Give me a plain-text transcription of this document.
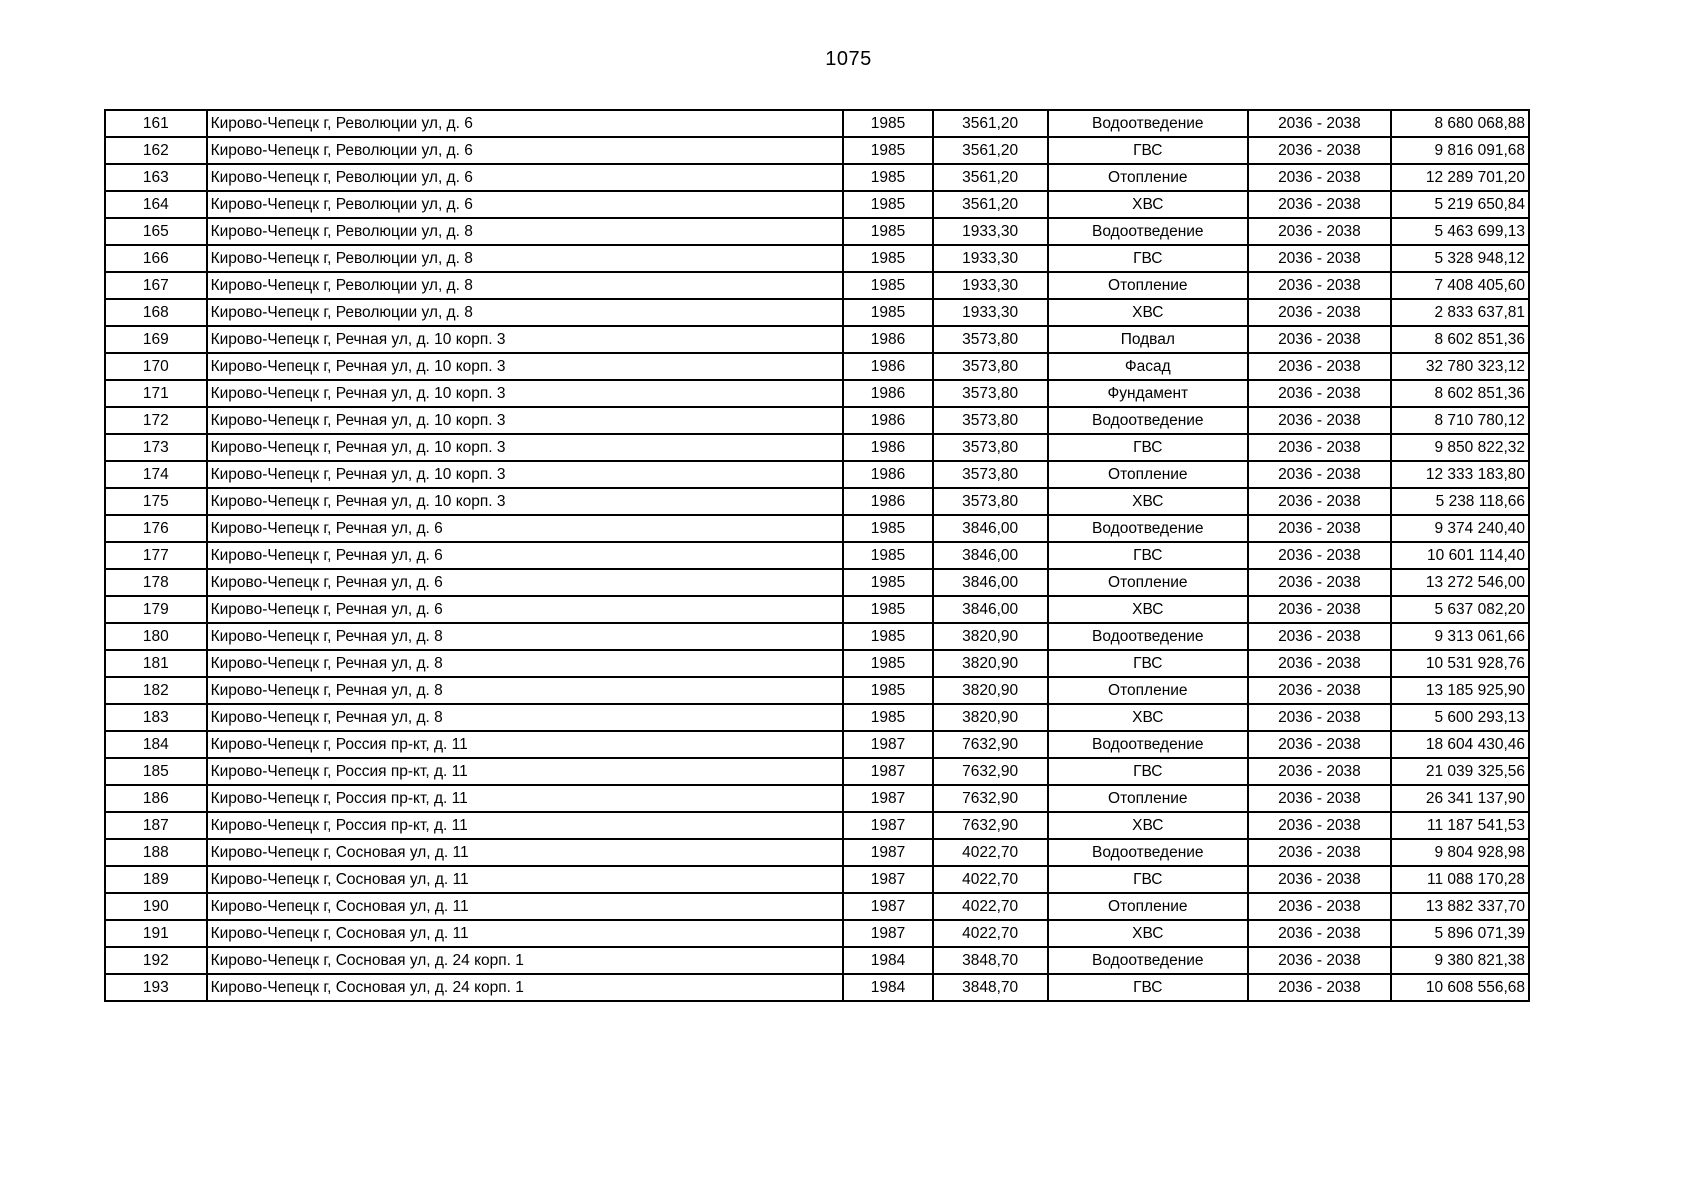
1075
161	Кирово-Чепецк г, Революции ул, д. 6	1985	3561,20	Водоотведение	2036 - 2038	8 680 068,88
162	Кирово-Чепецк г, Революции ул, д. 6	1985	3561,20	ГВС	2036 - 2038	9 816 091,68
163	Кирово-Чепецк г, Революции ул, д. 6	1985	3561,20	Отопление	2036 - 2038	12 289 701,20
164	Кирово-Чепецк г, Революции ул, д. 6	1985	3561,20	ХВС	2036 - 2038	5 219 650,84
165	Кирово-Чепецк г, Революции ул, д. 8	1985	1933,30	Водоотведение	2036 - 2038	5 463 699,13
166	Кирово-Чепецк г, Революции ул, д. 8	1985	1933,30	ГВС	2036 - 2038	5 328 948,12
167	Кирово-Чепецк г, Революции ул, д. 8	1985	1933,30	Отопление	2036 - 2038	7 408 405,60
168	Кирово-Чепецк г, Революции ул, д. 8	1985	1933,30	ХВС	2036 - 2038	2 833 637,81
169	Кирово-Чепецк г, Речная ул, д. 10 корп. 3	1986	3573,80	Подвал	2036 - 2038	8 602 851,36
170	Кирово-Чепецк г, Речная ул, д. 10 корп. 3	1986	3573,80	Фасад	2036 - 2038	32 780 323,12
171	Кирово-Чепецк г, Речная ул, д. 10 корп. 3	1986	3573,80	Фундамент	2036 - 2038	8 602 851,36
172	Кирово-Чепецк г, Речная ул, д. 10 корп. 3	1986	3573,80	Водоотведение	2036 - 2038	8 710 780,12
173	Кирово-Чепецк г, Речная ул, д. 10 корп. 3	1986	3573,80	ГВС	2036 - 2038	9 850 822,32
174	Кирово-Чепецк г, Речная ул, д. 10 корп. 3	1986	3573,80	Отопление	2036 - 2038	12 333 183,80
175	Кирово-Чепецк г, Речная ул, д. 10 корп. 3	1986	3573,80	ХВС	2036 - 2038	5 238 118,66
176	Кирово-Чепецк г, Речная ул, д. 6	1985	3846,00	Водоотведение	2036 - 2038	9 374 240,40
177	Кирово-Чепецк г, Речная ул, д. 6	1985	3846,00	ГВС	2036 - 2038	10 601 114,40
178	Кирово-Чепецк г, Речная ул, д. 6	1985	3846,00	Отопление	2036 - 2038	13 272 546,00
179	Кирово-Чепецк г, Речная ул, д. 6	1985	3846,00	ХВС	2036 - 2038	5 637 082,20
180	Кирово-Чепецк г, Речная ул, д. 8	1985	3820,90	Водоотведение	2036 - 2038	9 313 061,66
181	Кирово-Чепецк г, Речная ул, д. 8	1985	3820,90	ГВС	2036 - 2038	10 531 928,76
182	Кирово-Чепецк г, Речная ул, д. 8	1985	3820,90	Отопление	2036 - 2038	13 185 925,90
183	Кирово-Чепецк г, Речная ул, д. 8	1985	3820,90	ХВС	2036 - 2038	5 600 293,13
184	Кирово-Чепецк г, Россия пр-кт, д. 11	1987	7632,90	Водоотведение	2036 - 2038	18 604 430,46
185	Кирово-Чепецк г, Россия пр-кт, д. 11	1987	7632,90	ГВС	2036 - 2038	21 039 325,56
186	Кирово-Чепецк г, Россия пр-кт, д. 11	1987	7632,90	Отопление	2036 - 2038	26 341 137,90
187	Кирово-Чепецк г, Россия пр-кт, д. 11	1987	7632,90	ХВС	2036 - 2038	11 187 541,53
188	Кирово-Чепецк г, Сосновая ул, д. 11	1987	4022,70	Водоотведение	2036 - 2038	9 804 928,98
189	Кирово-Чепецк г, Сосновая ул, д. 11	1987	4022,70	ГВС	2036 - 2038	11 088 170,28
190	Кирово-Чепецк г, Сосновая ул, д. 11	1987	4022,70	Отопление	2036 - 2038	13 882 337,70
191	Кирово-Чепецк г, Сосновая ул, д. 11	1987	4022,70	ХВС	2036 - 2038	5 896 071,39
192	Кирово-Чепецк г, Сосновая ул, д. 24 корп. 1	1984	3848,70	Водоотведение	2036 - 2038	9 380 821,38
193	Кирово-Чепецк г, Сосновая ул, д. 24 корп. 1	1984	3848,70	ГВС	2036 - 2038	10 608 556,68
